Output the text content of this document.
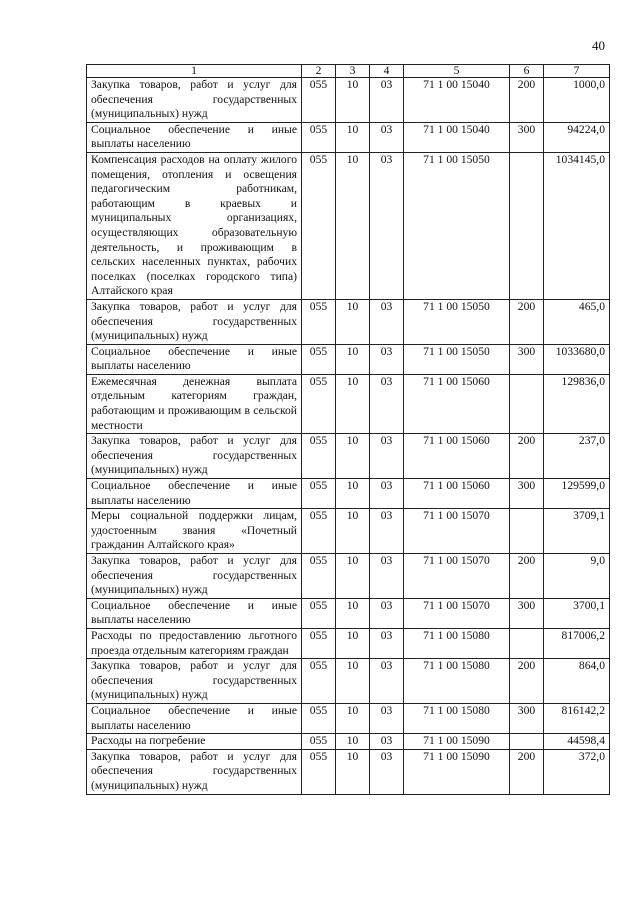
40
1	2	3	4	5	6	7
Закупка товаров, работ и услуг для обеспечения государственных (муниципальных) нужд	055	10	03	71 1 00 15040	200	1000,0
Социальное обеспечение и иные выплаты населению	055	10	03	71 1 00 15040	300	94224,0
Компенсация расходов на оплату жилого помещения, отопления и освещения педагогическим работникам, работающим в краевых и муниципальных организациях, осуществляющих образовательную деятельность, и проживающим в сельских населенных пунктах, рабочих поселках (поселках городского типа) Алтайского края	055	10	03	71 1 00 15050		1034145,0
Закупка товаров, работ и услуг для обеспечения государственных (муниципальных) нужд	055	10	03	71 1 00 15050	200	465,0
Социальное обеспечение и иные выплаты населению	055	10	03	71 1 00 15050	300	1033680,0
Ежемесячная денежная выплата отдельным категориям граждан, работающим и проживающим в сельской местности	055	10	03	71 1 00 15060		129836,0
Закупка товаров, работ и услуг для обеспечения государственных (муниципальных) нужд	055	10	03	71 1 00 15060	200	237,0
Социальное обеспечение и иные выплаты населению	055	10	03	71 1 00 15060	300	129599,0
Меры социальной поддержки лицам, удостоенным звания «Почетный гражданин Алтайского края»	055	10	03	71 1 00 15070		3709,1
Закупка товаров, работ и услуг для обеспечения государственных (муниципальных) нужд	055	10	03	71 1 00 15070	200	9,0
Социальное обеспечение и иные выплаты населению	055	10	03	71 1 00 15070	300	3700,1
Расходы по предоставлению льготного проезда отдельным категориям граждан	055	10	03	71 1 00 15080		817006,2
Закупка товаров, работ и услуг для обеспечения государственных (муниципальных) нужд	055	10	03	71 1 00 15080	200	864,0
Социальное обеспечение и иные выплаты населению	055	10	03	71 1 00 15080	300	816142,2
Расходы на погребение	055	10	03	71 1 00 15090		44598,4
Закупка товаров, работ и услуг для обеспечения государственных (муниципальных) нужд	055	10	03	71 1 00 15090	200	372,0
